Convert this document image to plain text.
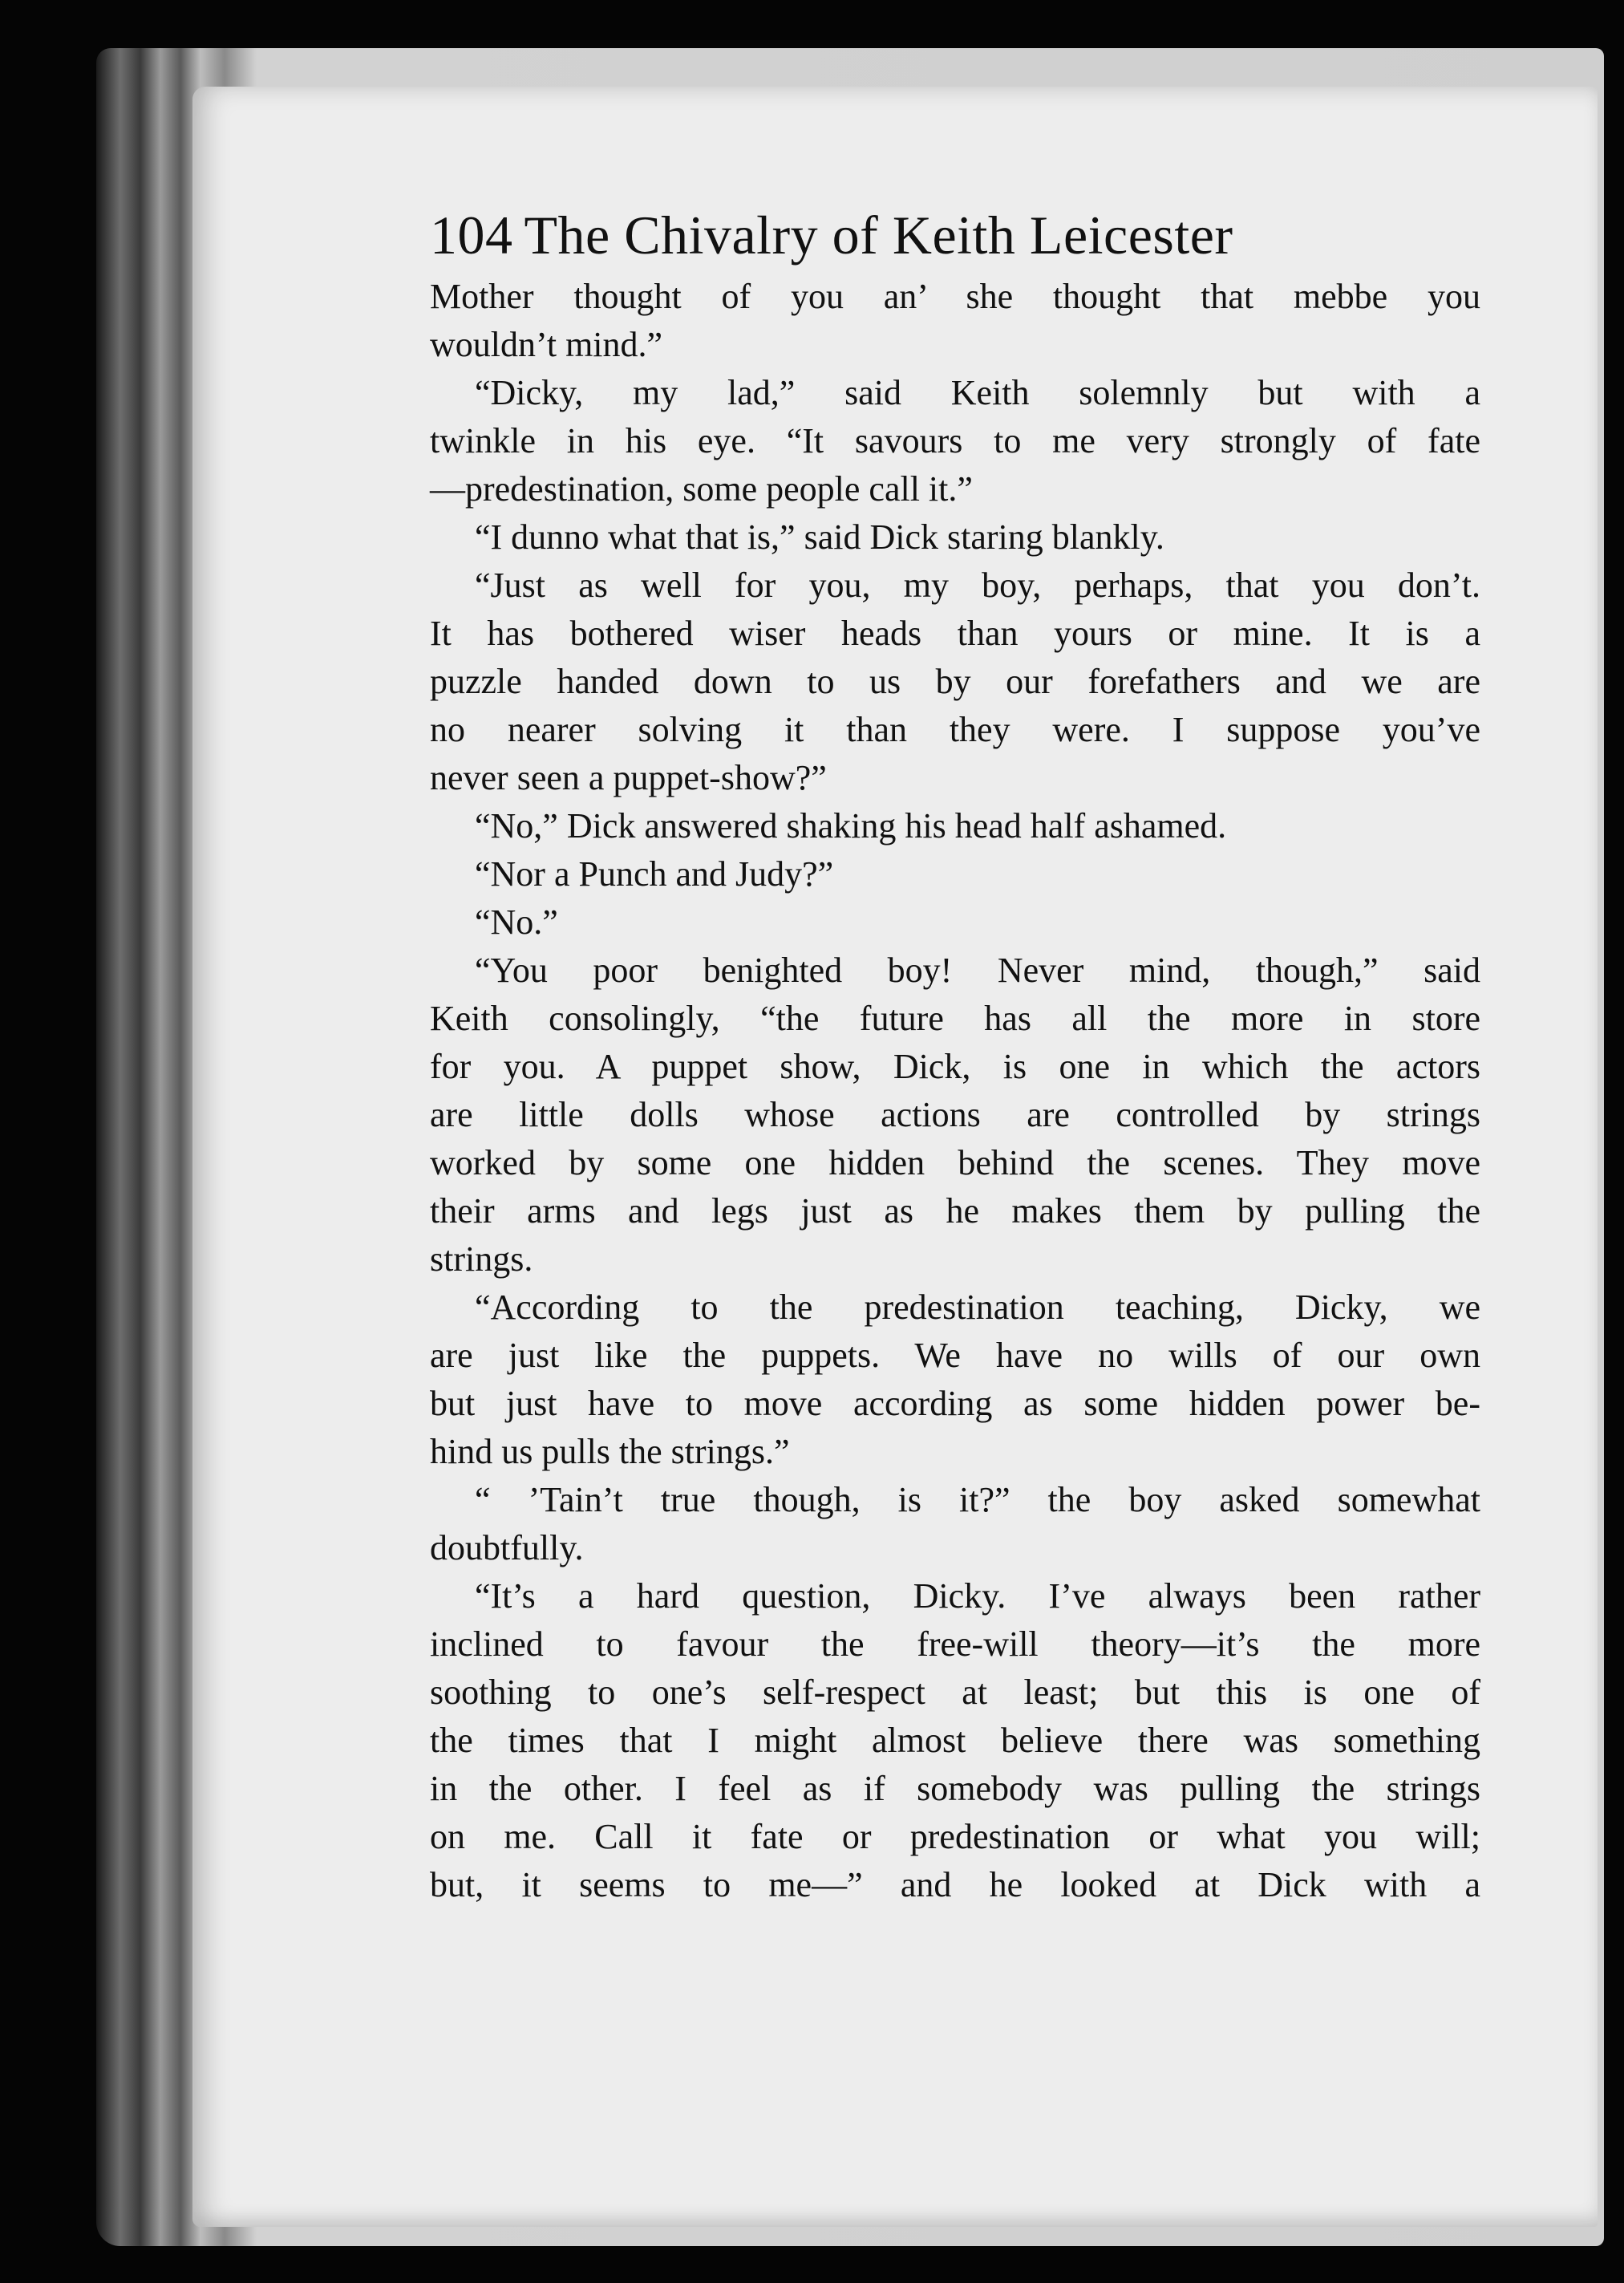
104 The Chivalry of Keith Leicester
Mother thought of you an’ she thought that mebbe you
wouldn’t mind.”
“Dicky, my lad,” said Keith solemnly but with a
twinkle in his eye. “It savours to me very strongly of fate
—predestination, some people call it.”
“I dunno what that is,” said Dick staring blankly.
“Just as well for you, my boy, perhaps, that you don’t.
It has bothered wiser heads than yours or mine. It is a
puzzle handed down to us by our forefathers and we are
no nearer solving it than they were. I suppose you’ve
never seen a puppet-show?”
“No,” Dick answered shaking his head half ashamed.
“Nor a Punch and Judy?”
“No.”
“You poor benighted boy! Never mind, though,” said
Keith consolingly, “the future has all the more in store
for you. A puppet show, Dick, is one in which the actors
are little dolls whose actions are controlled by strings
worked by some one hidden behind the scenes. They move
their arms and legs just as he makes them by pulling the
strings.
“According to the predestination teaching, Dicky, we
are just like the puppets. We have no wills of our own
but just have to move according as some hidden power be-
hind us pulls the strings.”
“ ’Tain’t true though, is it?” the boy asked somewhat
doubtfully.
“It’s a hard question, Dicky. I’ve always been rather
inclined to favour the free-will theory—it’s the more
soothing to one’s self-respect at least; but this is one of
the times that I might almost believe there was something
in the other. I feel as if somebody was pulling the strings
on me. Call it fate or predestination or what you will;
but, it seems to me—” and he looked at Dick with a
